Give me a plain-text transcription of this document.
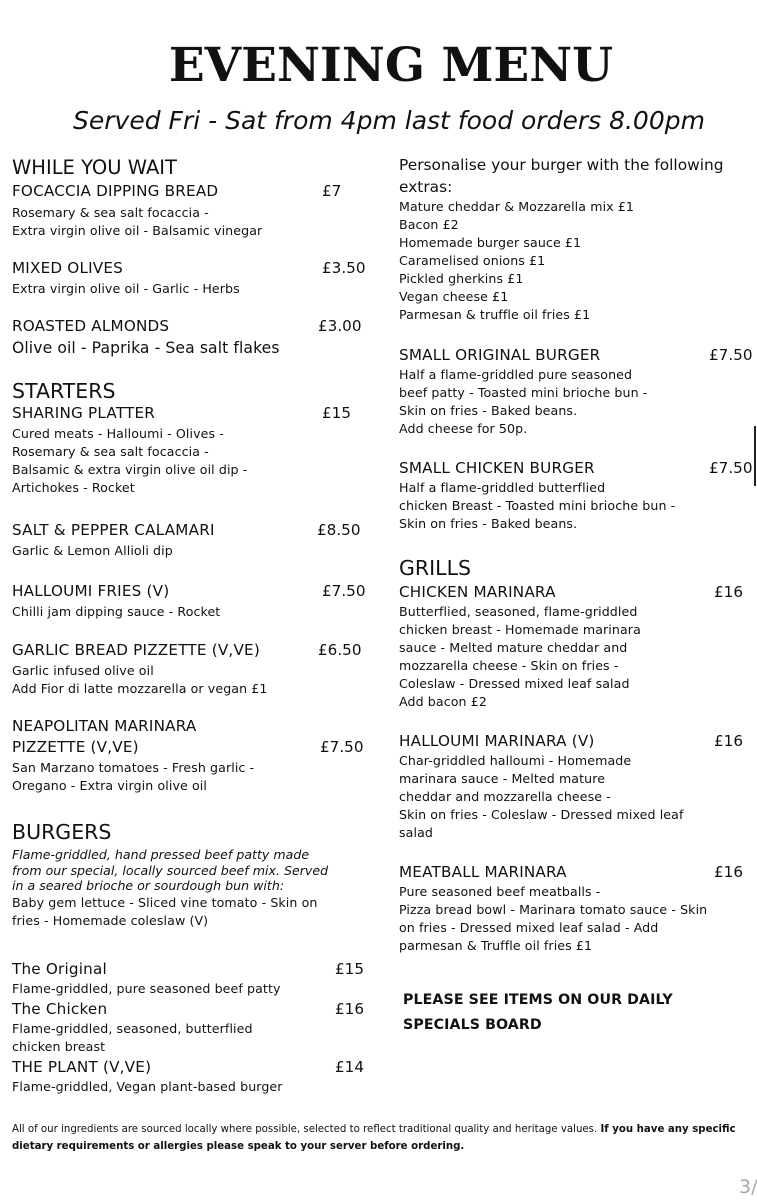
EVENING MENU

Served Fri - Sat from 4pm last food orders 8.00pm

WHILE YOU WAIT
FOCACCIA DIPPING BREAD	£7
Rosemary & sea salt focaccia -
Extra virgin olive oil - Balsamic vinegar
MIXED OLIVES	£3.50
Extra virgin olive oil - Garlic - Herbs
ROASTED ALMONDS	£3.00
Olive oil - Paprika - Sea salt flakes
STARTERS
SHARING PLATTER	£15
Cured meats - Halloumi - Olives -
Rosemary & sea salt focaccia -
Balsamic & extra virgin olive oil dip -
Artichokes - Rocket
SALT & PEPPER CALAMARI	£8.50
Garlic & Lemon Allioli dip
HALLOUMI FRIES (V)	£7.50
Chilli jam dipping sauce - Rocket
GARLIC BREAD PIZZETTE (V,VE)	£6.50
Garlic infused olive oil
Add Fior di latte mozzarella or vegan £1
NEAPOLITAN MARINARA
PIZZETTE (V,VE)	£7.50
San Marzano tomatoes - Fresh garlic -
Oregano - Extra virgin olive oil
BURGERS
Flame-griddled, hand pressed beef patty made
from our special, locally sourced beef mix. Served
in a seared brioche or sourdough bun with:
Baby gem lettuce - Sliced vine tomato - Skin on
fries - Homemade coleslaw (V)
The Original	£15
Flame-griddled, pure seasoned beef patty
The Chicken	£16
Flame-griddled, seasoned, butterflied
chicken breast
THE PLANT (V,VE)	£14
Flame-griddled, Vegan plant-based burger
Personalise your burger with the following
extras:
Mature cheddar & Mozzarella mix £1
Bacon £2
Homemade burger sauce £1
Caramelised onions £1
Pickled gherkins £1
Vegan cheese £1
Parmesan & truffle oil fries £1
SMALL ORIGINAL BURGER	£7.50
Half a flame-griddled pure seasoned
beef patty - Toasted mini brioche bun -
Skin on fries - Baked beans.
Add cheese for 50p.
SMALL CHICKEN BURGER	£7.50
Half a flame-griddled butterflied
chicken Breast - Toasted mini brioche bun -
Skin on fries - Baked beans.
GRILLS
CHICKEN MARINARA	£16
Butterflied, seasoned, flame-griddled
chicken breast - Homemade marinara
sauce - Melted mature cheddar and
mozzarella cheese - Skin on fries -
Coleslaw - Dressed mixed leaf salad
Add bacon £2
HALLOUMI MARINARA (V)	£16
Char-griddled halloumi - Homemade
marinara sauce - Melted mature
cheddar and mozzarella cheese -
Skin on fries - Coleslaw - Dressed mixed leaf
salad
MEATBALL MARINARA	£16
Pure seasoned beef meatballs -
Pizza bread bowl - Marinara tomato sauce - Skin
on fries - Dressed mixed leaf salad - Add
parmesan & Truffle oil fries £1
PLEASE SEE ITEMS ON OUR DAILY
SPECIALS BOARD
All of our ingredients are sourced locally where possible, selected to reflect traditional quality and heritage values. If you have any specific dietary requirements or allergies please speak to your server before ordering.
3/
